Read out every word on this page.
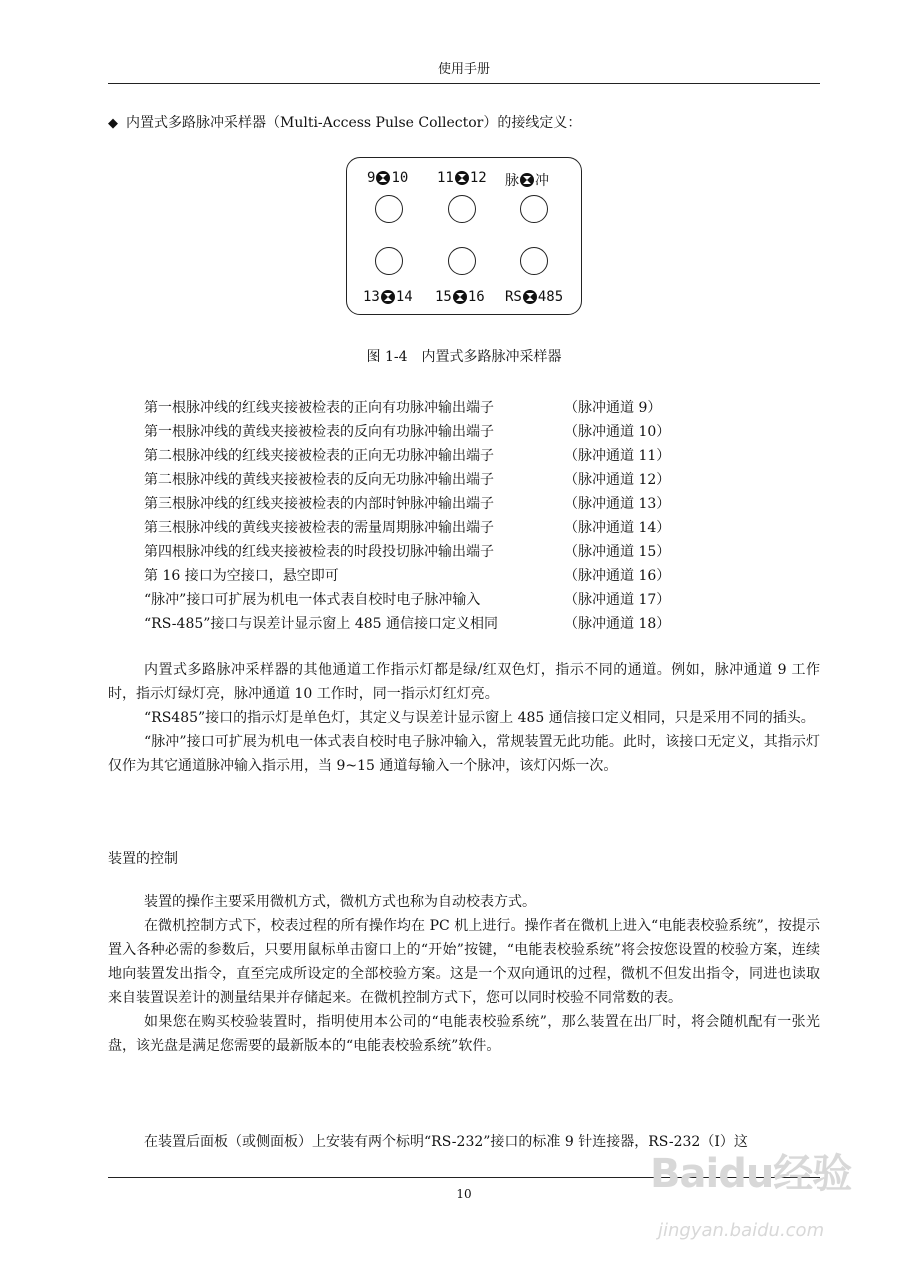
使用手册
◆ 内置式多路脉冲采样器（Multi-Access Pulse Collector）的接线定义：
9 10 11 12 脉 冲
13 14 15 16 RS 485
图 1-4　内置式多路脉冲采样器
第一根脉冲线的红线夹接被检表的正向有功脉冲输出端子	（脉冲通道 9）
第一根脉冲线的黄线夹接被检表的反向有功脉冲输出端子	（脉冲通道 10）
第二根脉冲线的红线夹接被检表的正向无功脉冲输出端子	（脉冲通道 11）
第二根脉冲线的黄线夹接被检表的反向无功脉冲输出端子	（脉冲通道 12）
第三根脉冲线的红线夹接被检表的内部时钟脉冲输出端子	（脉冲通道 13）
第三根脉冲线的黄线夹接被检表的需量周期脉冲输出端子	（脉冲通道 14）
第四根脉冲线的红线夹接被检表的时段投切脉冲输出端子	（脉冲通道 15）
第 16 接口为空接口，悬空即可	（脉冲通道 16）
“脉冲”接口可扩展为机电一体式表自校时电子脉冲输入	（脉冲通道 17）
“RS-485”接口与误差计显示窗上 485 通信接口定义相同	（脉冲通道 18）

内置式多路脉冲采样器的其他通道工作指示灯都是绿/红双色灯，指示不同的通道。例如，脉冲通道 9 工作时，指示灯绿灯亮，脉冲通道 10 工作时，同一指示灯红灯亮。

“RS485”接口的指示灯是单色灯，其定义与误差计显示窗上 485 通信接口定义相同，只是采用不同的插头。

“脉冲”接口可扩展为机电一体式表自校时电子脉冲输入，常规装置无此功能。此时，该接口无定义，其指示灯仅作为其它通道脉冲输入指示用，当 9~15 通道每输入一个脉冲，该灯闪烁一次。

装置的控制

装置的操作主要采用微机方式，微机方式也称为自动校表方式。

在微机控制方式下，校表过程的所有操作均在 PC 机上进行。操作者在微机上进入“电能表校验系统”，按提示置入各种必需的参数后，只要用鼠标单击窗口上的“开始”按键，“电能表校验系统”将会按您设置的校验方案，连续地向装置发出指令，直至完成所设定的全部校验方案。这是一个双向通讯的过程，微机不但发出指令，同进也读取来自装置误差计的测量结果并存储起来。在微机控制方式下，您可以同时校验不同常数的表。

如果您在购买校验装置时，指明使用本公司的“电能表校验系统”，那么装置在出厂时，将会随机配有一张光盘，该光盘是满足您需要的最新版本的“电能表校验系统”软件。

在装置后面板（或侧面板）上安装有两个标明“RS-232”接口的标准 9 针连接器，RS-232（Ⅰ）这

10	Baidu经验
jingyan.baidu.com
